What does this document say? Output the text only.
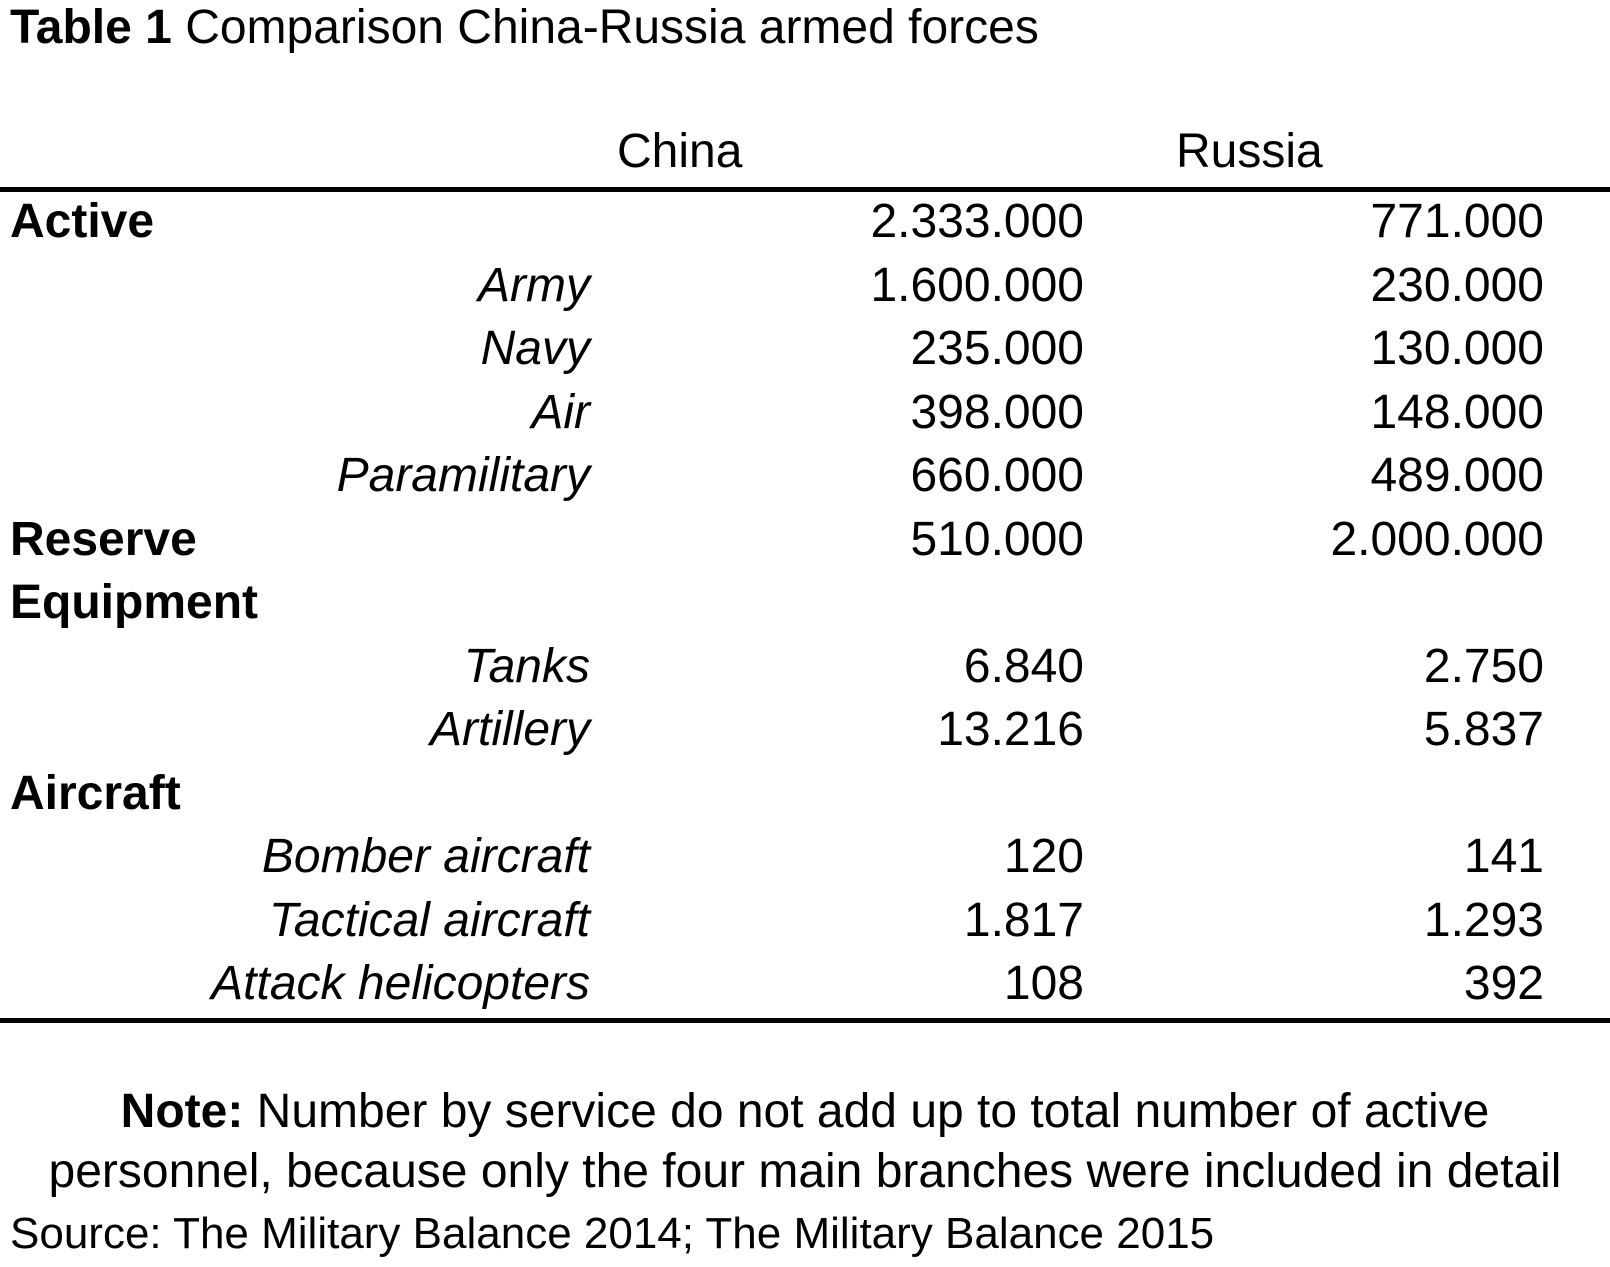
Table 1 Comparison China-Russia armed forces
China	Russia
Active	2.333.000	771.000
Army	1.600.000	230.000
Navy	235.000	130.000
Air	398.000	148.000
Paramilitary	660.000	489.000
Reserve	510.000	2.000.000
Equipment
Tanks	6.840	2.750
Artillery	13.216	5.837
Aircraft
Bomber aircraft	120	141
Tactical aircraft	1.817	1.293
Attack helicopters	108	392
Note: Number by service do not add up to total number of active
personnel, because only the four main branches were included in detail
Source: The Military Balance 2014; The Military Balance 2015
